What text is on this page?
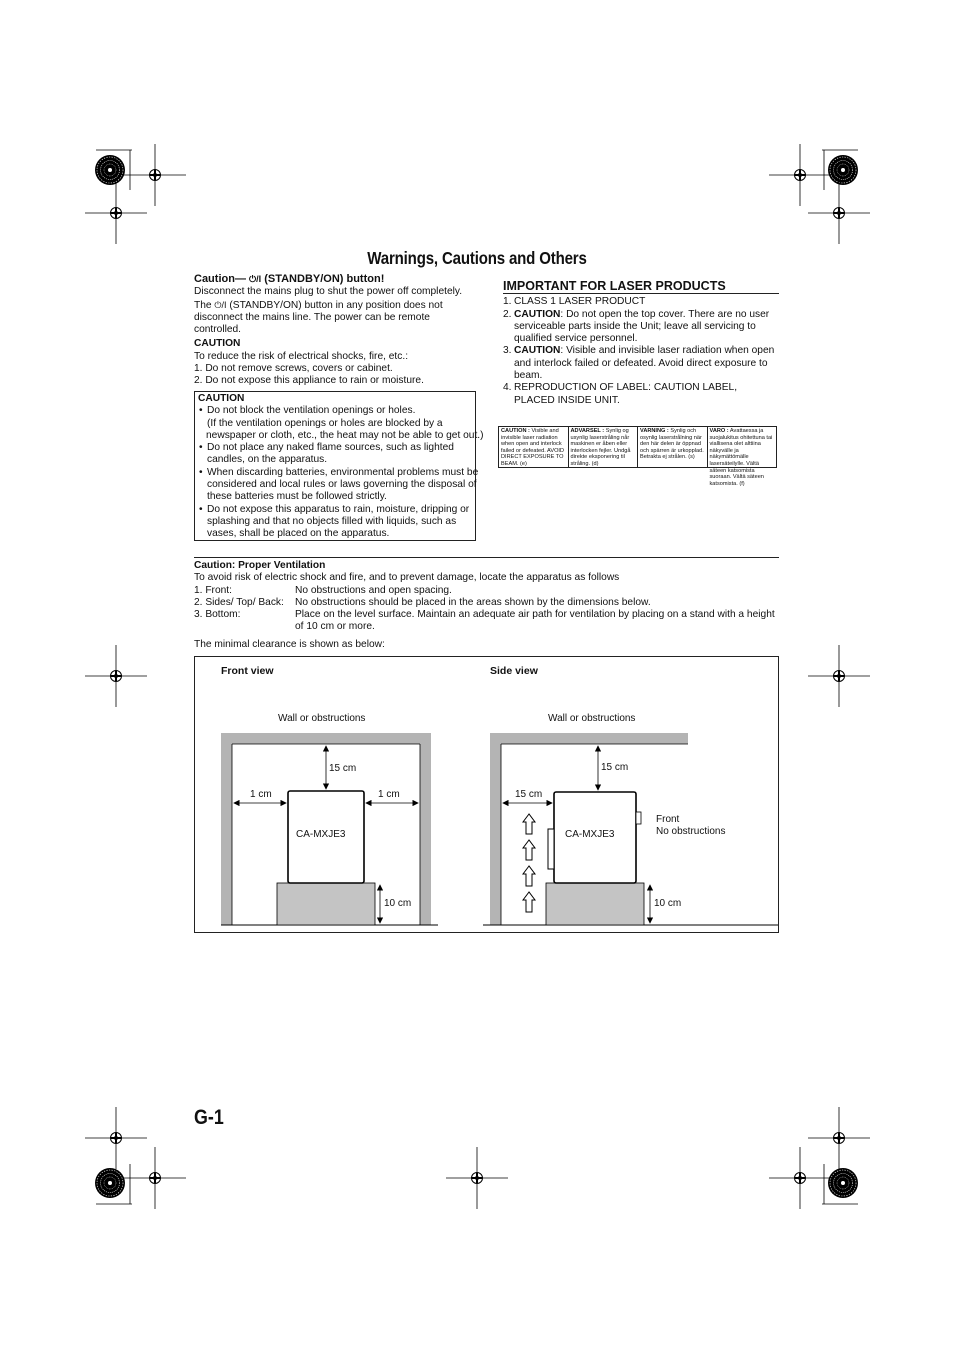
Warnings, Cautions and Others
Caution— ⏻/I (STANDBY/ON) button!
Disconnect the mains plug to shut the power off completely.
The ⏻/I (STANDBY/ON) button in any position does not
disconnect the mains line. The power can be remote
controlled.
CAUTION
To reduce the risk of electrical shocks, fire, etc.:
1. Do not remove screws, covers or cabinet.
2. Do not expose this appliance to rain or moisture.
CAUTION
• Do not block the ventilation openings or holes.
(If the ventilation openings or holes are blocked by a
newspaper or cloth, etc., the heat may not be able to get out.)
• Do not place any naked flame sources, such as lighted
candles, on the apparatus.
• When discarding batteries, environmental problems must be
considered and local rules or laws governing the disposal of
these batteries must be followed strictly.
• Do not expose this apparatus to rain, moisture, dripping or
splashing and that no objects filled with liquids, such as
vases, shall be placed on the apparatus.
IMPORTANT FOR LASER PRODUCTS
1. CLASS 1 LASER PRODUCT
2. CAUTION: Do not open the top cover. There are no user
serviceable parts inside the Unit; leave all servicing to
qualified service personnel.
3. CAUTION: Visible and invisible laser radiation when open
and interlock failed or defeated. Avoid direct exposure to
beam.
4. REPRODUCTION OF LABEL: CAUTION LABEL,
PLACED INSIDE UNIT.
CAUTION : Visible and invisible laser radiation when open and interlock failed or defeated. AVOID DIRECT EXPOSURE TO BEAM. (e)
ADVARSEL : Synlig og usynlig laserstråling når maskinen er åben eller interlocken fejler. Undgå direkte eksponering til stråling. (d)
VARNING : Synlig och osynlig laserstrålning när den här delen är öppnad och spärren är urkopplad. Betrakta ej strålen. (s)
VARO : Avattaessa ja suojalukitus ohitettuna tai viallisena olet alttiina näkyvälle ja näkymättömälle lasersäteilylle. Vältä säteen katsomista suoraan. Vältä säteen katsomista. (f)
Caution: Proper Ventilation
To avoid risk of electric shock and fire, and to prevent damage, locate the apparatus as follows
1. Front:	No obstructions and open spacing.
2. Sides/ Top/ Back:	No obstructions should be placed in the areas shown by the dimensions below.
3. Bottom:	Place on the level surface. Maintain an adequate air path for ventilation by placing on a stand with a height
of 10 cm or more.
The minimal clearance is shown as below:
Front view
Wall or obstructions
CA-MXJE3
15 cm
1 cm	1 cm
10 cm
Side view
Wall or obstructions
CA-MXJE3
15 cm
15 cm
10 cm
Front
No obstructions
G-1
